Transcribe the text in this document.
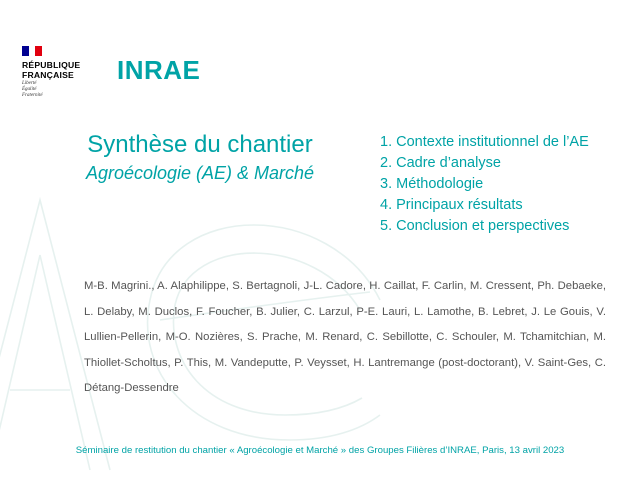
RÉPUBLIQUE
FRANÇAISE
Liberté
Égalité
Fraternité
INRAE
Synthèse du chantier
Agroécologie (AE) & Marché
1. Contexte institutionnel de l’AE
2. Cadre d’analyse
3. Méthodologie
4. Principaux résultats
5. Conclusion et perspectives

M-B. Magrini., A. Alaphilippe, S. Bertagnoli, J-L. Cadore, H. Caillat, F. Carlin, M. Cressent, Ph. Debaeke, L. Delaby, M. Duclos, F. Foucher, B. Julier, C. Larzul, P-E. Lauri, L. Lamothe, B. Lebret, J. Le Gouis, V. Lullien-Pellerin, M-O. Nozières, S. Prache, M. Renard, C. Sebillotte, C. Schouler, M. Tchamitchian, M. Thiollet-Scholtus, P. This, M. Vandeputte, P. Veysset, H. Lantremange (post-doctorant), V. Saint-Ges, C. Détang-Dessendre

Séminaire de restitution du chantier « Agroécologie et Marché » des Groupes Filières d’INRAE, Paris, 13 avril 2023
